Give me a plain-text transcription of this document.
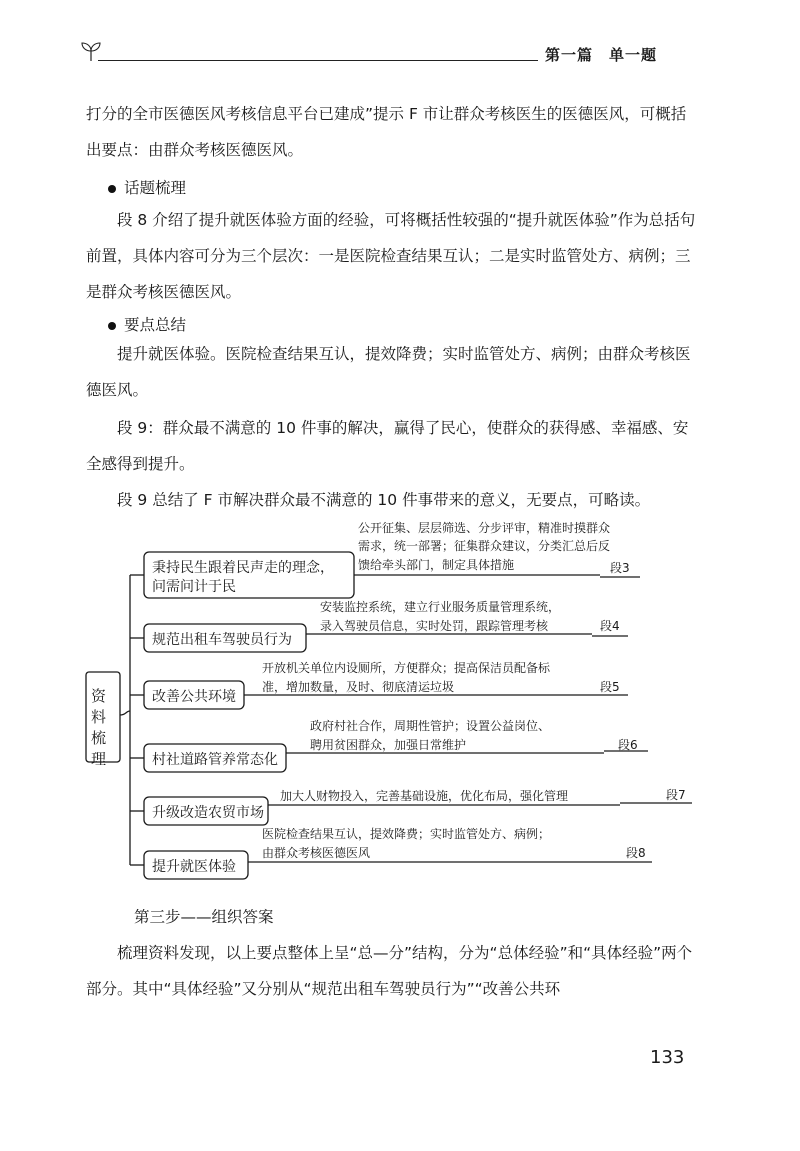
第一篇　单一题
打分的全市医德医风考核信息平台已建成”提示 F 市让群众考核医生的医德医风，可概括出要点：由群众考核医德医风。
话题梳理
段 8 介绍了提升就医体验方面的经验，可将概括性较强的“提升就医体验”作为总括句前置，具体内容可分为三个层次：一是医院检查结果互认；二是实时监管处方、病例；三是群众考核医德医风。
要点总结
提升就医体验。医院检查结果互认，提效降费；实时监管处方、病例；由群众考核医德医风。
段 9：群众最不满意的 10 件事的解决，赢得了民心，使群众的获得感、幸福感、安全感得到提升。
段 9 总结了 F 市解决群众最不满意的 10 件事带来的意义，无要点，可略读。
资
料
梳
理
秉持民生跟着民声走的理念，
问需问计于民
规范出租车驾驶员行为
改善公共环境
村社道路管养常态化
升级改造农贸市场
提升就医体验
公开征集、层层筛选、分步评审，精准时摸群众
需求，统一部署；征集群众建议，分类汇总后反
馈给牵头部门，制定具体措施
安装监控系统，建立行业服务质量管理系统，
录入驾驶员信息，实时处罚，跟踪管理考核
开放机关单位内设厕所，方便群众；提高保洁员配备标
准，增加数量，及时、彻底清运垃圾
政府村社合作，周期性管护；设置公益岗位、
聘用贫困群众，加强日常维护
加大人财物投入，完善基础设施，优化布局，强化管理
医院检查结果互认，提效降费；实时监管处方、病例；
由群众考核医德医风
段3
段4
段5
段6
段7
段8
第三步——组织答案
梳理资料发现，以上要点整体上呈“总—分”结构，分为“总体经验”和“具体经验”两个部分。其中“具体经验”又分别从“规范出租车驾驶员行为”“改善公共环
133
